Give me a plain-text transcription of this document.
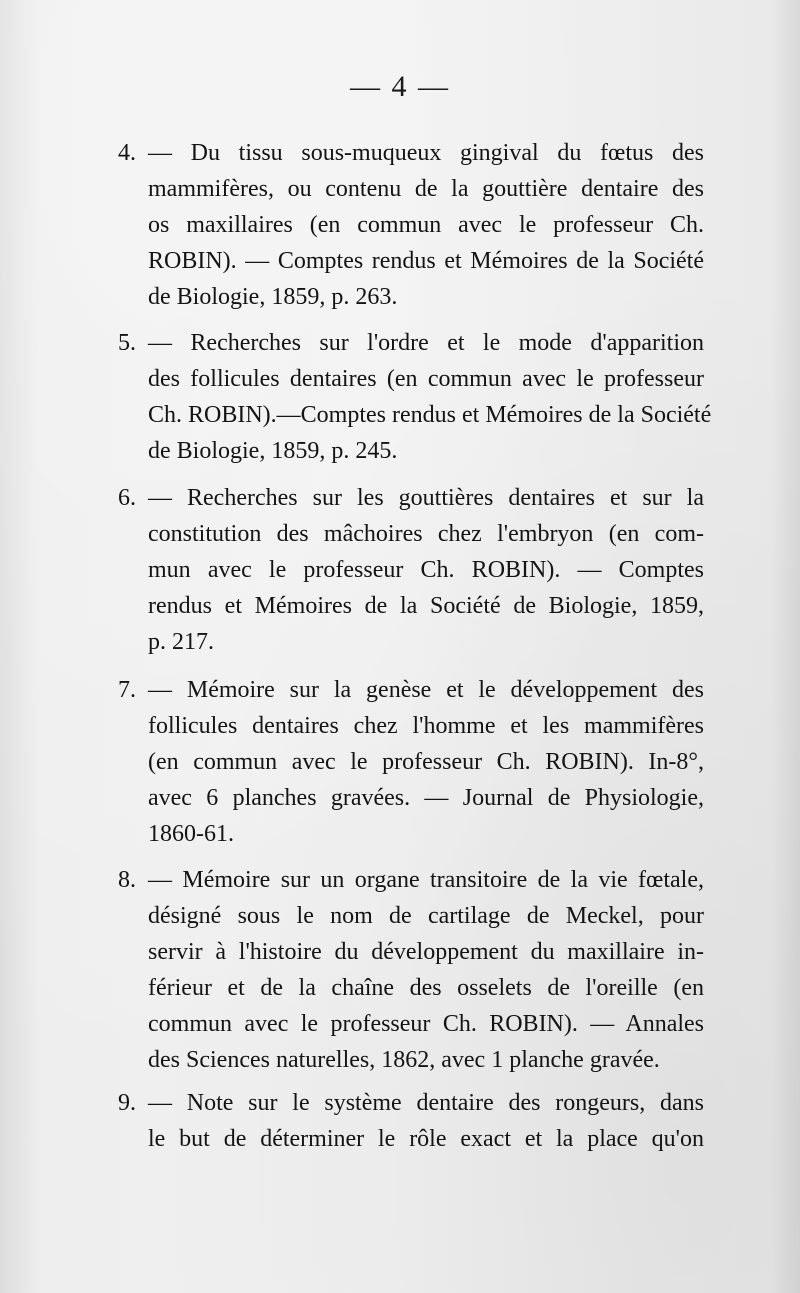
— 4 —
4. — Du tissu sous-muqueux gingival du fœtus des
mammifères, ou contenu de la gouttière dentaire des
os maxillaires (en commun avec le professeur Ch.
ROBIN). — Comptes rendus et Mémoires de la Société
de Biologie, 1859, p. 263.
5. — Recherches sur l'ordre et le mode d'apparition
des follicules dentaires (en commun avec le professeur
Ch. ROBIN).—Comptes rendus et Mémoires de la Société
de Biologie, 1859, p. 245.
6. — Recherches sur les gouttières dentaires et sur la
constitution des mâchoires chez l'embryon (en com-
mun avec le professeur Ch. ROBIN). — Comptes
rendus et Mémoires de la Société de Biologie, 1859,
p. 217.
7. — Mémoire sur la genèse et le développement des
follicules dentaires chez l'homme et les mammifères
(en commun avec le professeur Ch. ROBIN). In-8°,
avec 6 planches gravées. — Journal de Physiologie,
1860-61.
8. — Mémoire sur un organe transitoire de la vie fœtale,
désigné sous le nom de cartilage de Meckel, pour
servir à l'histoire du développement du maxillaire in-
férieur et de la chaîne des osselets de l'oreille (en
commun avec le professeur Ch. ROBIN). — Annales
des Sciences naturelles, 1862, avec 1 planche gravée.
9. — Note sur le système dentaire des rongeurs, dans
le but de déterminer le rôle exact et la place qu'on
